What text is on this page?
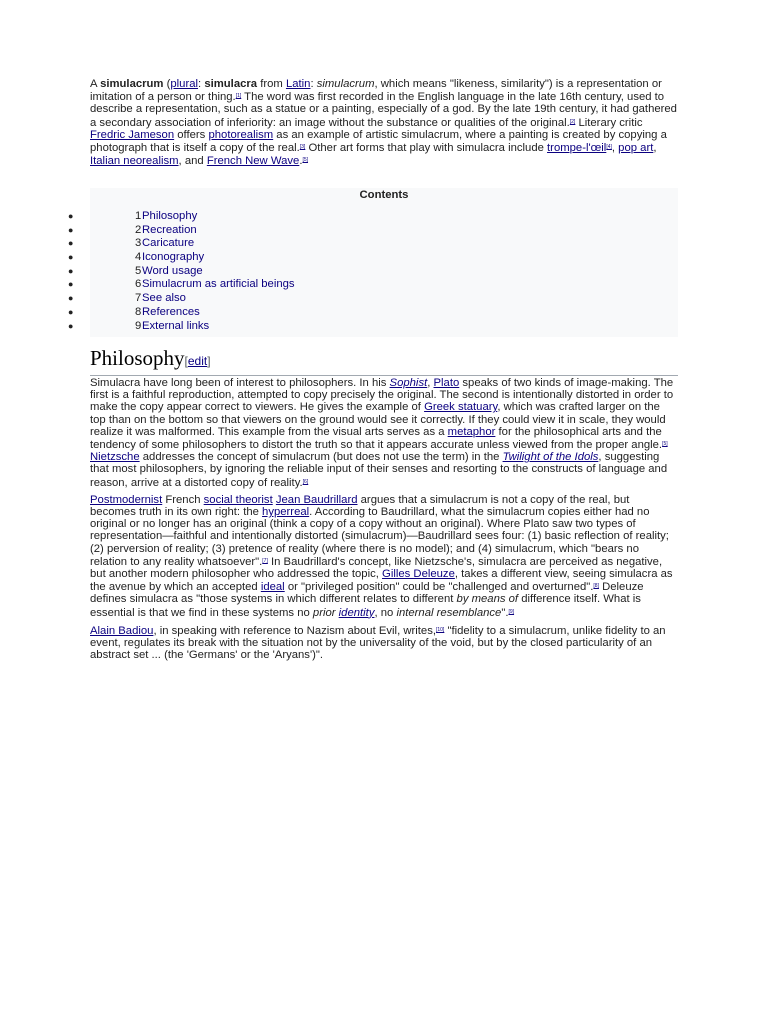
A simulacrum (plural: simulacra from Latin: simulacrum, which means "likeness, similarity") is a representation or imitation of a person or thing.[1] The word was first recorded in the English language in the late 16th century, used to describe a representation, such as a statue or a painting, especially of a god. By the late 19th century, it had gathered a secondary association of inferiority: an image without the substance or qualities of the original.[2] Literary critic Fredric Jameson offers photorealism as an example of artistic simulacrum, where a painting is created by copying a photograph that is itself a copy of the real.[3] Other art forms that play with simulacra include trompe-l'œil[4], pop art, Italian neorealism, and French New Wave.[5]

Contents
●	1 Philosophy
●	2 Recreation
●	3 Caricature
●	4 Iconography
●	5 Word usage
●	6 Simulacrum as artificial beings
●	7 See also
●	8 References
●	9 External links
Philosophy[edit]

Simulacra have long been of interest to philosophers. In his Sophist, Plato speaks of two kinds of image-making. The first is a faithful reproduction, attempted to copy precisely the original. The second is intentionally distorted in order to make the copy appear correct to viewers. He gives the example of Greek statuary, which was crafted larger on the top than on the bottom so that viewers on the ground would see it correctly. If they could view it in scale, they would realize it was malformed. This example from the visual arts serves as a metaphor for the philosophical arts and the tendency of some philosophers to distort the truth so that it appears accurate unless viewed from the proper angle.[5] Nietzsche addresses the concept of simulacrum (but does not use the term) in the Twilight of the Idols, suggesting that most philosophers, by ignoring the reliable input of their senses and resorting to the constructs of language and reason, arrive at a distorted copy of reality.[6]

Postmodernist French social theorist Jean Baudrillard argues that a simulacrum is not a copy of the real, but becomes truth in its own right: the hyperreal. According to Baudrillard, what the simulacrum copies either had no original or no longer has an original (think a copy of a copy without an original). Where Plato saw two types of representation—faithful and intentionally distorted (simulacrum)—Baudrillard sees four: (1) basic reflection of reality; (2) perversion of reality; (3) pretence of reality (where there is no model); and (4) simulacrum, which "bears no relation to any reality whatsoever".[7] In Baudrillard's concept, like Nietzsche's, simulacra are perceived as negative, but another modern philosopher who addressed the topic, Gilles Deleuze, takes a different view, seeing simulacra as the avenue by which an accepted ideal or "privileged position" could be "challenged and overturned".[8] Deleuze defines simulacra as "those systems in which different relates to different by means of difference itself. What is essential is that we find in these systems no prior identity, no internal resemblance".[9]

Alain Badiou, in speaking with reference to Nazism about Evil, writes,[10] "fidelity to a simulacrum, unlike fidelity to an event, regulates its break with the situation not by the universality of the void, but by the closed particularity of an abstract set ... (the 'Germans' or the 'Aryans')".
